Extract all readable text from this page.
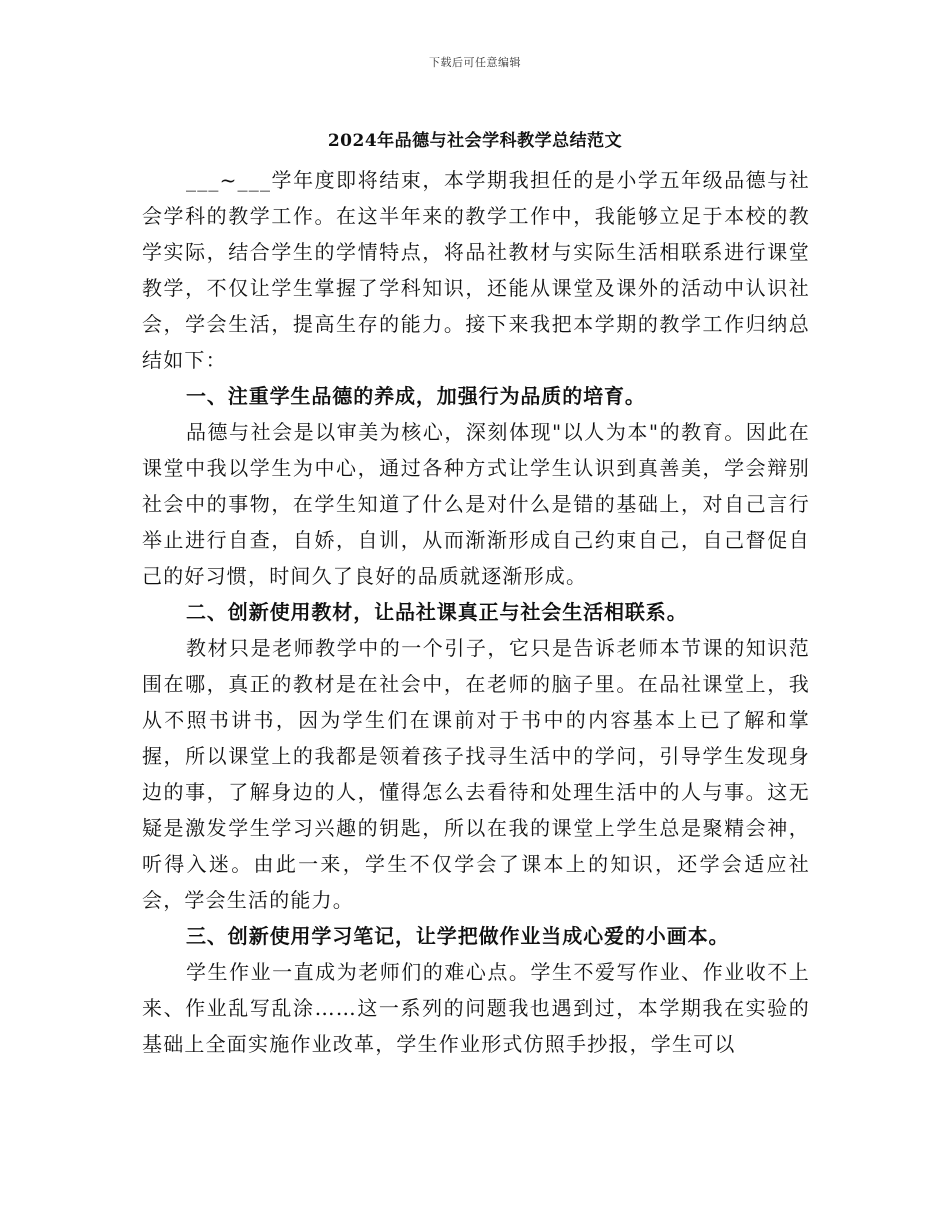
下载后可任意编辑
2024年品德与社会学科教学总结范文

___~___学年度即将结束，本学期我担任的是小学五年级品德与社会学科的教学工作。在这半年来的教学工作中，我能够立足于本校的教学实际，结合学生的学情特点，将品社教材与实际生活相联系进行课堂教学，不仅让学生掌握了学科知识，还能从课堂及课外的活动中认识社会，学会生活，提高生存的能力。接下来我把本学期的教学工作归纳总结如下：

一、注重学生品德的养成，加强行为品质的培育。

品德与社会是以审美为核心，深刻体现"以人为本"的教育。因此在课堂中我以学生为中心，通过各种方式让学生认识到真善美，学会辩别社会中的事物，在学生知道了什么是对什么是错的基础上，对自己言行举止进行自查，自娇，自训，从而渐渐形成自己约束自己，自己督促自己的好习惯，时间久了良好的品质就逐渐形成。

二、创新使用教材，让品社课真正与社会生活相联系。

教材只是老师教学中的一个引子，它只是告诉老师本节课的知识范围在哪，真正的教材是在社会中，在老师的脑子里。在品社课堂上，我从不照书讲书，因为学生们在课前对于书中的内容基本上已了解和掌握，所以课堂上的我都是领着孩子找寻生活中的学问，引导学生发现身边的事，了解身边的人，懂得怎么去看待和处理生活中的人与事。这无疑是激发学生学习兴趣的钥匙，所以在我的课堂上学生总是聚精会神，听得入迷。由此一来，学生不仅学会了课本上的知识，还学会适应社会，学会生活的能力。

三、创新使用学习笔记，让学把做作业当成心爱的小画本。

学生作业一直成为老师们的难心点。学生不爱写作业、作业收不上来、作业乱写乱涂……这一系列的问题我也遇到过，本学期我在实验的基础上全面实施作业改革，学生作业形式仿照手抄报，学生可以
